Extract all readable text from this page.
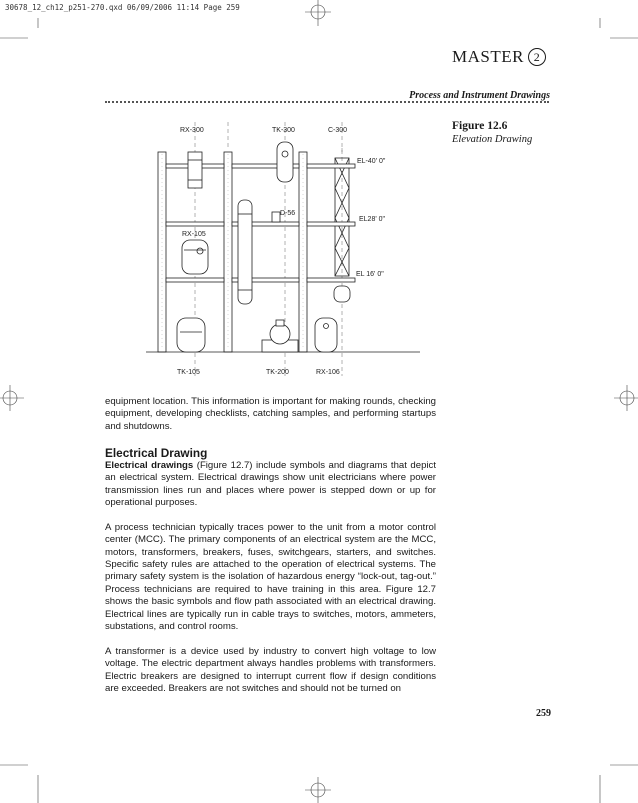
30678_12_ch12_p251-270.qxd 06/09/2006 11:14 Page 259
MASTER 2
Process and Instrument Drawings
Figure 12.6
Elevation Drawing
RX-300	TK-300	C-300
EL-40' 0"
D-56
EL28' 0"
RX-105
EL 16' 0"
TK-105	TK-200	RX-106

equipment location. This information is important for making rounds, checking equipment, developing checklists, catching samples, and performing startups and shutdowns.

Electrical Drawing

Electrical drawings (Figure 12.7) include symbols and diagrams that depict an electrical system. Electrical drawings show unit electricians where power transmission lines run and places where power is stepped down or up for operational purposes.

A process technician typically traces power to the unit from a motor control center (MCC). The primary components of an electrical system are the MCC, motors, transformers, breakers, fuses, switchgears, starters, and switches. Specific safety rules are attached to the operation of electrical systems. The primary safety system is the isolation of hazardous energy “lock-out, tag-out.” Process technicians are required to have training in this area. Figure 12.7 shows the basic symbols and flow path associated with an electrical drawing. Electrical lines are typically run in cable trays to switches, motors, ammeters, substations, and control rooms.

A transformer is a device used by industry to convert high voltage to low voltage. The electric department always handles problems with transformers. Electric breakers are designed to interrupt current flow if design conditions are exceeded. Breakers are not switches and should not be turned on

259
